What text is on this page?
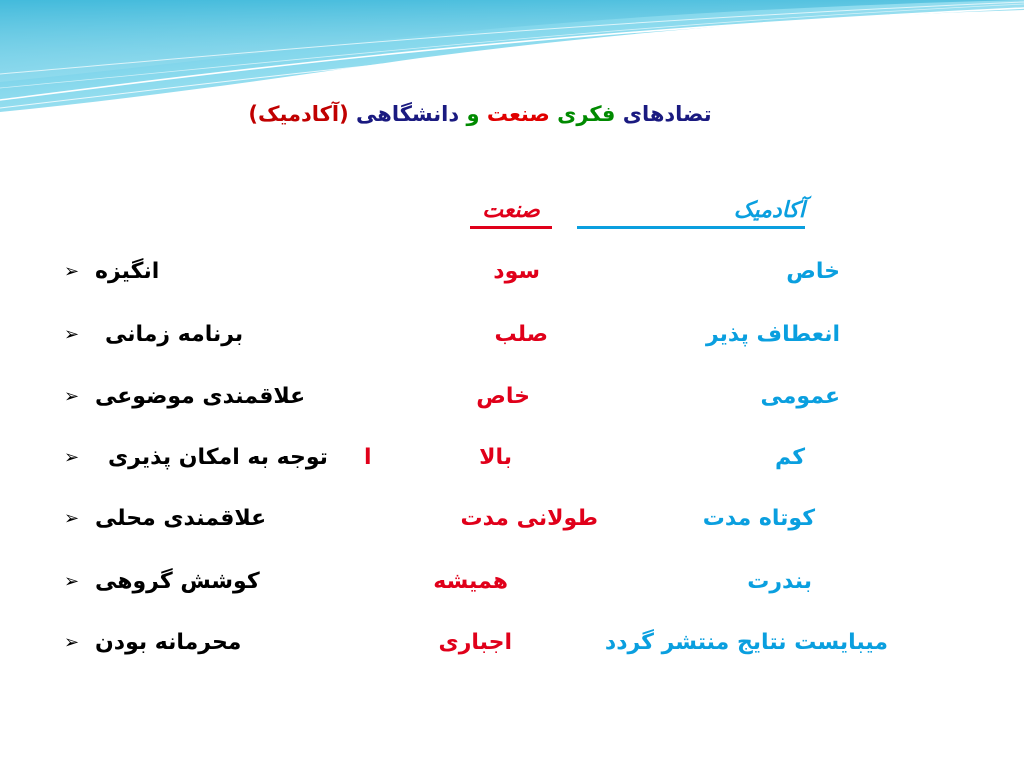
تضادهای فکری صنعت و دانشگاهی (آکادمیک)
آکادمیک
صنعت
خاص
سود
انگیزه
➢
انعطاف پذیر
صلب
برنامه زمانی
➢
عمومی
خاص
علاقمندی موضوعی
➢
کم
بالا
ا
توجه به امکان پذیری
➢
کوتاه مدت
طولانی مدت
علاقمندی محلی
➢
بندرت
همیشه
کوشش گروهی
➢
میبایست نتایج منتشر گردد
اجباری
محرمانه بودن
➢
